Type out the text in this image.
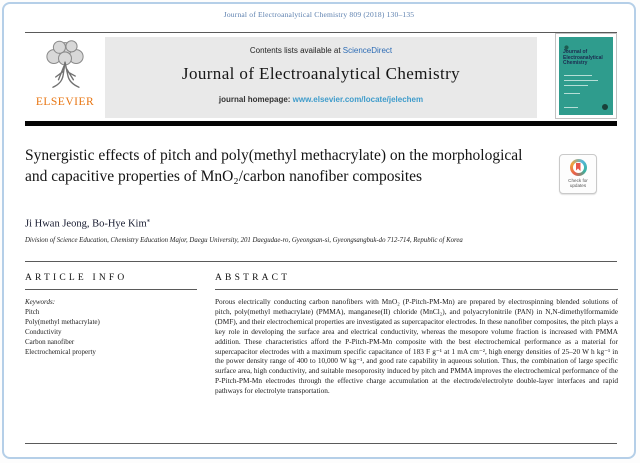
Journal of Electroanalytical Chemistry 809 (2018) 130–135
ELSEVIER
Contents lists available at ScienceDirect
Journal of Electroanalytical Chemistry
journal homepage: www.elsevier.com/locate/jelechem
Journal of Electroanalytical Chemistry
Synergistic effects of pitch and poly(methyl methacrylate) on the morphological and capacitive properties of MnO₂/carbon nanofiber composites	Check for
updates
Ji Hwan Jeong, Bo-Hye Kim⁎
Division of Science Education, Chemistry Education Major, Daegu University, 201 Daegudae-ro, Gyeongsan-si, Gyeongsangbuk-do 712-714, Republic of Korea
ARTICLE INFO
Keywords:
Pitch
Poly(methyl methacrylate)
Conductivity
Carbon nanofiber
Electrochemical property
ABSTRACT

Porous electrically conducting carbon nanofibers with MnO₂ (P-Pitch-PM-Mn) are prepared by electrospinning blended solutions of pitch, poly(methyl methacrylate) (PMMA), manganese(II) chloride (MnCl₂), and polyacrylonitrile (PAN) in N,N-dimethylformamide (DMF), and their electrochemical properties are investigated as supercapacitor electrodes. In these nanofiber composites, the pitch plays a key role in developing the surface area and electrical conductivity, whereas the mesopore volume fraction is increased with PMMA addition. These characteristics afford the P-Pitch-PM-Mn composite with the best electrochemical performance as a material for supercapacitor electrodes with a maximum specific capacitance of 183 F g⁻¹ at 1 mA cm⁻², high energy densities of 25–20 W h kg⁻¹ in the power density range of 400 to 10,000 W kg⁻¹, and good rate capability in aqueous solution. Thus, the combination of large specific surface area, high conductivity, and suitable mesoporosity induced by pitch and PMMA improves the electrochemical performance of the P-Pitch-PM-Mn electrodes through the effective charge accumulation at the electrode/electrolyte double-layer interfaces and rapid pathways for electrolyte transportation.
